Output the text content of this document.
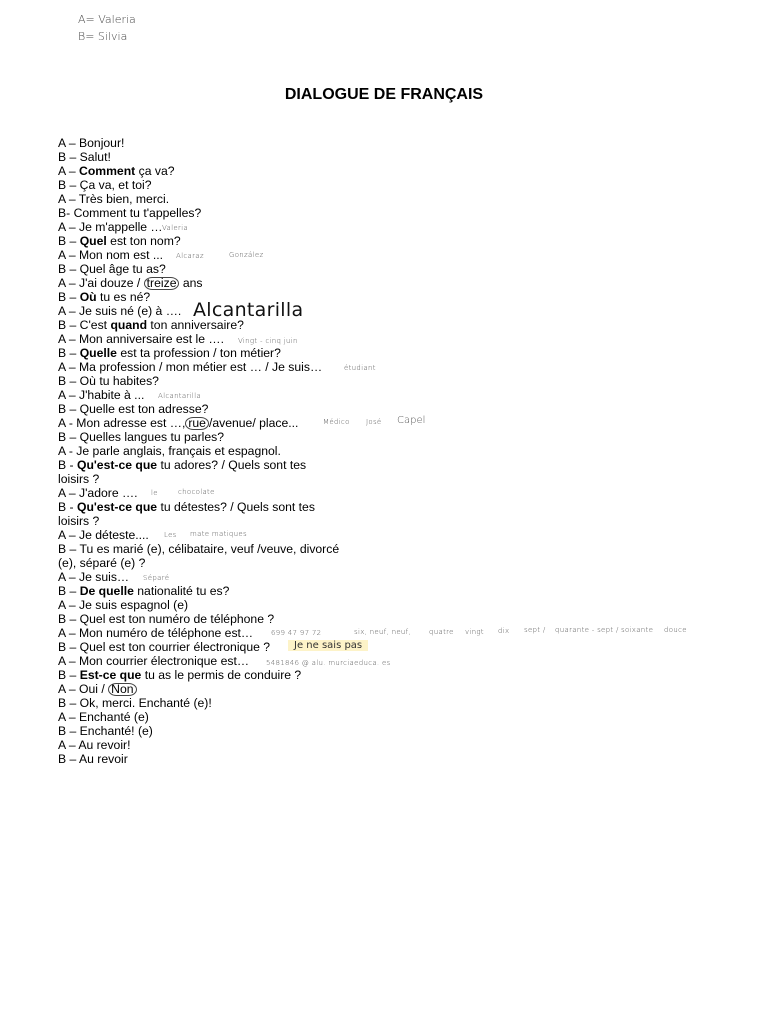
A= Valeria
B= Silvia
DIALOGUE DE FRANÇAIS
A – Bonjour!
B – Salut!
A – Comment ça va?
B – Ça va, et toi?
A – Très bien, merci.
B- Comment tu t'appelles?
A – Je m'appelle …
B – Quel est ton nom?
A – Mon nom est ...
B – Quel âge tu as?
A – J'ai douze / treize ans
B – Où tu es né?
A – Je suis né (e) à ….
B – C'est quand ton anniversaire?
A – Mon anniversaire est le ….
B – Quelle est ta profession / ton métier?
A – Ma profession / mon métier est … / Je suis…
B – Où tu habites?
A – J'habite à ...
B – Quelle est ton adresse?
A - Mon adresse est …, rue /avenue/ place...
B – Quelles langues tu parles?
A - Je parle anglais, français et espagnol.
B - Qu'est-ce que tu adores? / Quels sont tes
loisirs ?
A – J'adore ….
B - Qu'est-ce que tu détestes? / Quels sont tes
loisirs ?
A – Je déteste....
B – Tu es marié (e), célibataire, veuf /veuve, divorcé
(e), séparé (e) ?
A – Je suis…
B – De quelle nationalité tu es?
A – Je suis espagnol (e)
B – Quel est ton numéro de téléphone ?
A – Mon numéro de téléphone est…
B – Quel est ton courrier électronique ?
A – Mon courrier électronique est…
B – Est-ce que tu as le permis de conduire ?
A – Oui / Non
B – Ok, merci. Enchanté (e)!
A – Enchanté (e)
B – Enchanté! (e)
A – Au revoir!
B – Au revoir
Valeria
Alcaraz	González
Alcantarilla
Vingt - cinq juin
étudiant
Alcantarilla
Médico José Capel
le	chocolate
Les mate matiques
Séparé
699 47 97 72	six, neuf, neuf,	quatre vingt dix sept / quarante - sept / soixante douce
Je ne sais pas
5481846 @ alu. murciaeduca. es
